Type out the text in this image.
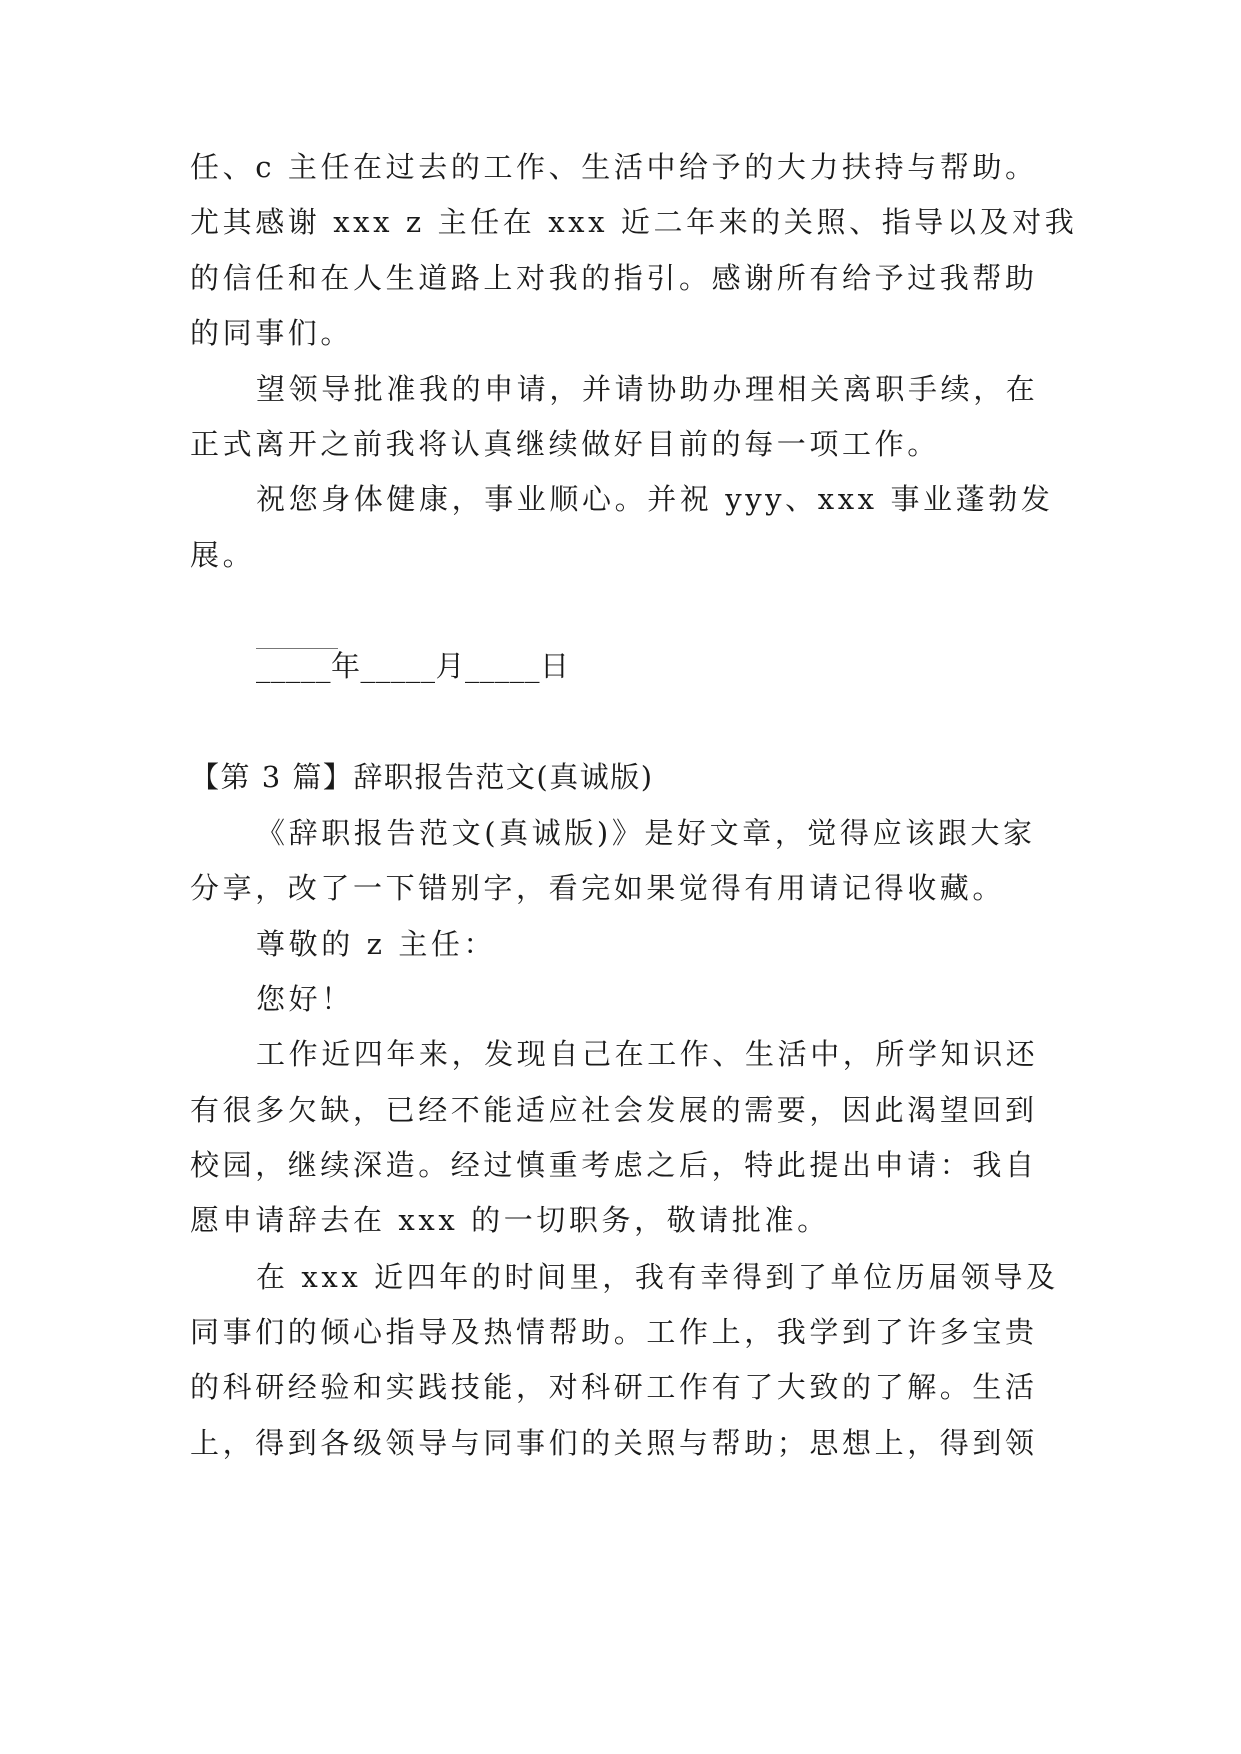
任、c 主任在过去的工作、生活中给予的大力扶持与帮助。
尤其感谢 xxx z 主任在 xxx 近二年来的关照、指导以及对我
的信任和在人生道路上对我的指引。感谢所有给予过我帮助
的同事们。
望领导批准我的申请，并请协助办理相关离职手续，在
正式离开之前我将认真继续做好目前的每一项工作。
祝您身体健康，事业顺心。并祝 yyy、xxx 事业蓬勃发
展。
_____年_____月_____日
【第 3 篇】辞职报告范文(真诚版)
《辞职报告范文(真诚版)》是好文章，觉得应该跟大家
分享，改了一下错别字，看完如果觉得有用请记得收藏。
尊敬的 z 主任：
您好！
工作近四年来，发现自己在工作、生活中，所学知识还
有很多欠缺，已经不能适应社会发展的需要，因此渴望回到
校园，继续深造。经过慎重考虑之后，特此提出申请：我自
愿申请辞去在 xxx 的一切职务，敬请批准。
在 xxx 近四年的时间里，我有幸得到了单位历届领导及
同事们的倾心指导及热情帮助。工作上，我学到了许多宝贵
的科研经验和实践技能，对科研工作有了大致的了解。生活
上，得到各级领导与同事们的关照与帮助；思想上，得到领
